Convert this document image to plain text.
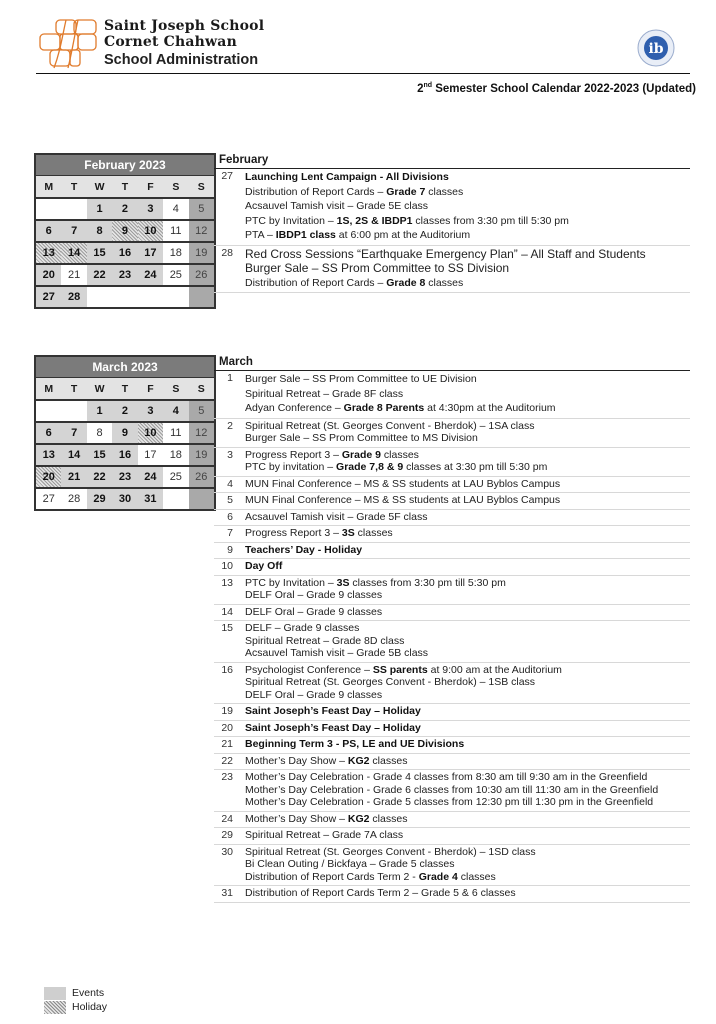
Saint Joseph School
Cornet Chahwan
School Administration
ib
2nd Semester School Calendar 2022-2023 (Updated)
February 2023
M	T	W	T	F	S	S
		1	2	3	4	5
6	7	8	9	10	11	12
13	14	15	16	17	18	19
20	21	22	23	24	25	26
27	28					
February
27	Launching Lent Campaign - All Divisions
Distribution of Report Cards – Grade 7 classes
Acsauvel Tamish visit – Grade 5E class
PTC by Invitation – 1S, 2S & IBDP1 classes from 3:30 pm till 5:30 pm
PTA – IBDP1 class at 6:00 pm at the Auditorium
28	Red Cross Sessions “Earthquake Emergency Plan” – All Staff and Students
Burger Sale – SS Prom Committee to SS Division
Distribution of Report Cards – Grade 8 classes
March 2023
M	T	W	T	F	S	S
		1	2	3	4	5
6	7	8	9	10	11	12
13	14	15	16	17	18	19
20	21	22	23	24	25	26
27	28	29	30	31		
March
1	Burger Sale – SS Prom Committee to UE Division
Spiritual Retreat – Grade 8F class
Adyan Conference – Grade 8 Parents at 4:30pm at the Auditorium
2	Spiritual Retreat (St. Georges Convent - Bherdok) – 1SA class
Burger Sale – SS Prom Committee to MS Division
3	Progress Report 3 – Grade 9 classes
PTC by invitation – Grade 7,8 & 9 classes at 3:30 pm till 5:30 pm
4	MUN Final Conference – MS & SS students at LAU Byblos Campus
5	MUN Final Conference – MS & SS students at LAU Byblos Campus
6	Acsauvel Tamish visit – Grade 5F class
7	Progress Report 3 – 3S classes
9	Teachers’ Day - Holiday
10	Day Off
13	PTC by Invitation – 3S classes from 3:30 pm till 5:30 pm
DELF Oral – Grade 9 classes
14	DELF Oral – Grade 9 classes
15	DELF – Grade 9 classes
Spiritual Retreat – Grade 8D class
Acsauvel Tamish visit – Grade 5B class
16	Psychologist Conference – SS parents at 9:00 am at the Auditorium
Spiritual Retreat (St. Georges Convent - Bherdok) – 1SB class
DELF Oral – Grade 9 classes
19	Saint Joseph’s Feast Day – Holiday
20	Saint Joseph’s Feast Day – Holiday
21	Beginning Term 3 - PS, LE and UE Divisions
22	Mother’s Day Show – KG2 classes
23	Mother’s Day Celebration - Grade 4 classes from 8:30 am till 9:30 am in the Greenfield
Mother’s Day Celebration - Grade 6 classes from 10:30 am till 11:30 am in the Greenfield
Mother’s Day Celebration - Grade 5 classes from 12:30 pm till 1:30 pm in the Greenfield
24	Mother’s Day Show – KG2 classes
29	Spiritual Retreat – Grade 7A class
30	Spiritual Retreat (St. Georges Convent - Bherdok) – 1SD class
Bi Clean Outing / Bickfaya – Grade 5 classes
Distribution of Report Cards Term 2 - Grade 4 classes
31	Distribution of Report Cards Term 2 – Grade 5 & 6 classes
Events
Holiday
